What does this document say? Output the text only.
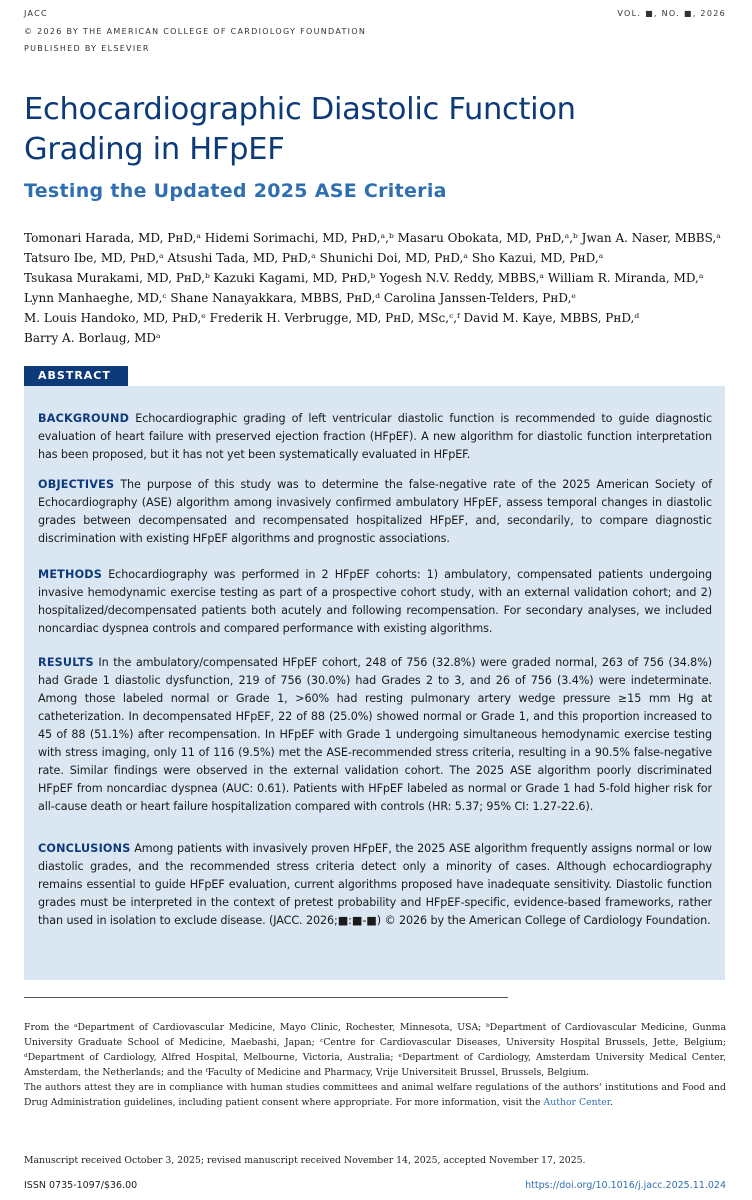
JACC
© 2026 BY THE AMERICAN COLLEGE OF CARDIOLOGY FOUNDATION
PUBLISHED BY ELSEVIER
VOL. ■, NO. ■, 2026
Echocardiographic Diastolic Function
Grading in HFpEF
Testing the Updated 2025 ASE Criteria
Tomonari Harada, MD, PʜD,ᵃ Hidemi Sorimachi, MD, PʜD,ᵃ,ᵇ Masaru Obokata, MD, PʜD,ᵃ,ᵇ Jwan A. Naser, MBBS,ᵃ
Tatsuro Ibe, MD, PʜD,ᵃ Atsushi Tada, MD, PʜD,ᵃ Shunichi Doi, MD, PʜD,ᵃ Sho Kazui, MD, PʜD,ᵃ
Tsukasa Murakami, MD, PʜD,ᵇ Kazuki Kagami, MD, PʜD,ᵇ Yogesh N.V. Reddy, MBBS,ᵃ William R. Miranda, MD,ᵃ
Lynn Manhaeghe, MD,ᶜ Shane Nanayakkara, MBBS, PʜD,ᵈ Carolina Janssen-Telders, PʜD,ᵉ
M. Louis Handoko, MD, PʜD,ᵉ Frederik H. Verbrugge, MD, PʜD, MSᴄ,ᶜ,ᶠ David M. Kaye, MBBS, PʜD,ᵈ
Barry A. Borlaug, MDᵃ
ABSTRACT
BACKGROUND Echocardiographic grading of left ventricular diastolic function is recommended to guide diagnostic evaluation of heart failure with preserved ejection fraction (HFpEF). A new algorithm for diastolic function interpretation has been proposed, but it has not yet been systematically evaluated in HFpEF.
OBJECTIVES The purpose of this study was to determine the false-negative rate of the 2025 American Society of Echocardiography (ASE) algorithm among invasively confirmed ambulatory HFpEF, assess temporal changes in diastolic grades between decompensated and recompensated hospitalized HFpEF, and, secondarily, to compare diagnostic discrimination with existing HFpEF algorithms and prognostic associations.
METHODS Echocardiography was performed in 2 HFpEF cohorts: 1) ambulatory, compensated patients undergoing invasive hemodynamic exercise testing as part of a prospective cohort study, with an external validation cohort; and 2) hospitalized/decompensated patients both acutely and following recompensation. For secondary analyses, we included noncardiac dyspnea controls and compared performance with existing algorithms.
RESULTS In the ambulatory/compensated HFpEF cohort, 248 of 756 (32.8%) were graded normal, 263 of 756 (34.8%) had Grade 1 diastolic dysfunction, 219 of 756 (30.0%) had Grades 2 to 3, and 26 of 756 (3.4%) were indeterminate. Among those labeled normal or Grade 1, >60% had resting pulmonary artery wedge pressure ≥15 mm Hg at catheterization. In decompensated HFpEF, 22 of 88 (25.0%) showed normal or Grade 1, and this proportion increased to 45 of 88 (51.1%) after recompensation. In HFpEF with Grade 1 undergoing simultaneous hemodynamic exercise testing with stress imaging, only 11 of 116 (9.5%) met the ASE-recommended stress criteria, resulting in a 90.5% false-negative rate. Similar findings were observed in the external validation cohort. The 2025 ASE algorithm poorly discriminated HFpEF from noncardiac dyspnea (AUC: 0.61). Patients with HFpEF labeled as normal or Grade 1 had 5-fold higher risk for all-cause death or heart failure hospitalization compared with controls (HR: 5.37; 95% CI: 1.27-22.6).
CONCLUSIONS Among patients with invasively proven HFpEF, the 2025 ASE algorithm frequently assigns normal or low diastolic grades, and the recommended stress criteria detect only a minority of cases. Although echocardiography remains essential to guide HFpEF evaluation, current algorithms proposed have inadequate sensitivity. Diastolic function grades must be interpreted in the context of pretest probability and HFpEF-specific, evidence-based frameworks, rather than used in isolation to exclude disease. (JACC. 2026;■:■-■) © 2026 by the American College of Cardiology Foundation.
From the ᵃDepartment of Cardiovascular Medicine, Mayo Clinic, Rochester, Minnesota, USA; ᵇDepartment of Cardiovascular Medicine, Gunma University Graduate School of Medicine, Maebashi, Japan; ᶜCentre for Cardiovascular Diseases, University Hospital Brussels, Jette, Belgium; ᵈDepartment of Cardiology, Alfred Hospital, Melbourne, Victoria, Australia; ᵉDepartment of Cardiology, Amsterdam University Medical Center, Amsterdam, the Netherlands; and the ᶠFaculty of Medicine and Pharmacy, Vrije Universiteit Brussel, Brussels, Belgium.
The authors attest they are in compliance with human studies committees and animal welfare regulations of the authors' institutions and Food and Drug Administration guidelines, including patient consent where appropriate. For more information, visit the Author Center.
Manuscript received October 3, 2025; revised manuscript received November 14, 2025, accepted November 17, 2025.
ISSN 0735-1097/$36.00	https://doi.org/10.1016/j.jacc.2025.11.024
